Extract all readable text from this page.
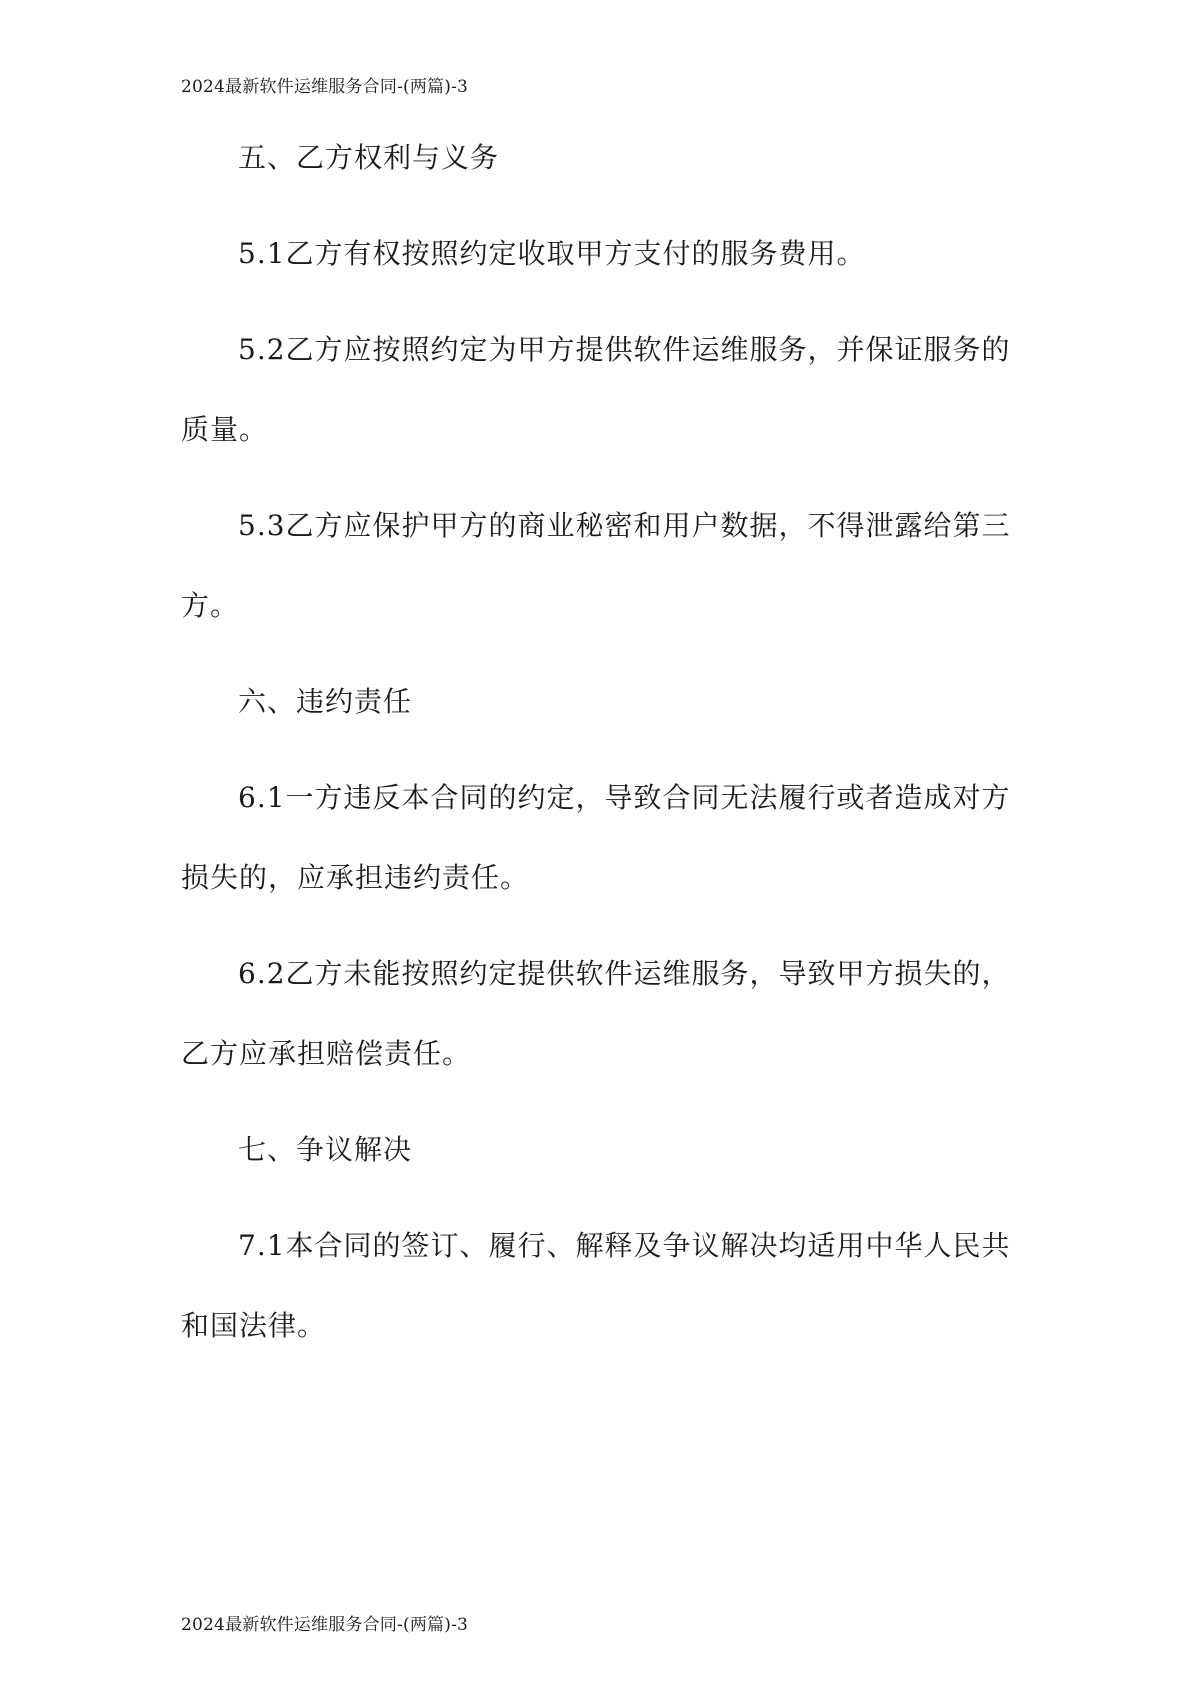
2024最新软件运维服务合同-(两篇)-3
五、乙方权利与义务
5.1乙方有权按照约定收取甲方支付的服务费用。
5.2乙方应按照约定为甲方提供软件运维服务，并保证服务的
质量。
5.3乙方应保护甲方的商业秘密和用户数据，不得泄露给第三
方。
六、违约责任
6.1一方违反本合同的约定，导致合同无法履行或者造成对方
损失的，应承担违约责任。
6.2乙方未能按照约定提供软件运维服务，导致甲方损失的，
乙方应承担赔偿责任。
七、争议解决
7.1本合同的签订、履行、解释及争议解决均适用中华人民共
和国法律。
2024最新软件运维服务合同-(两篇)-3
